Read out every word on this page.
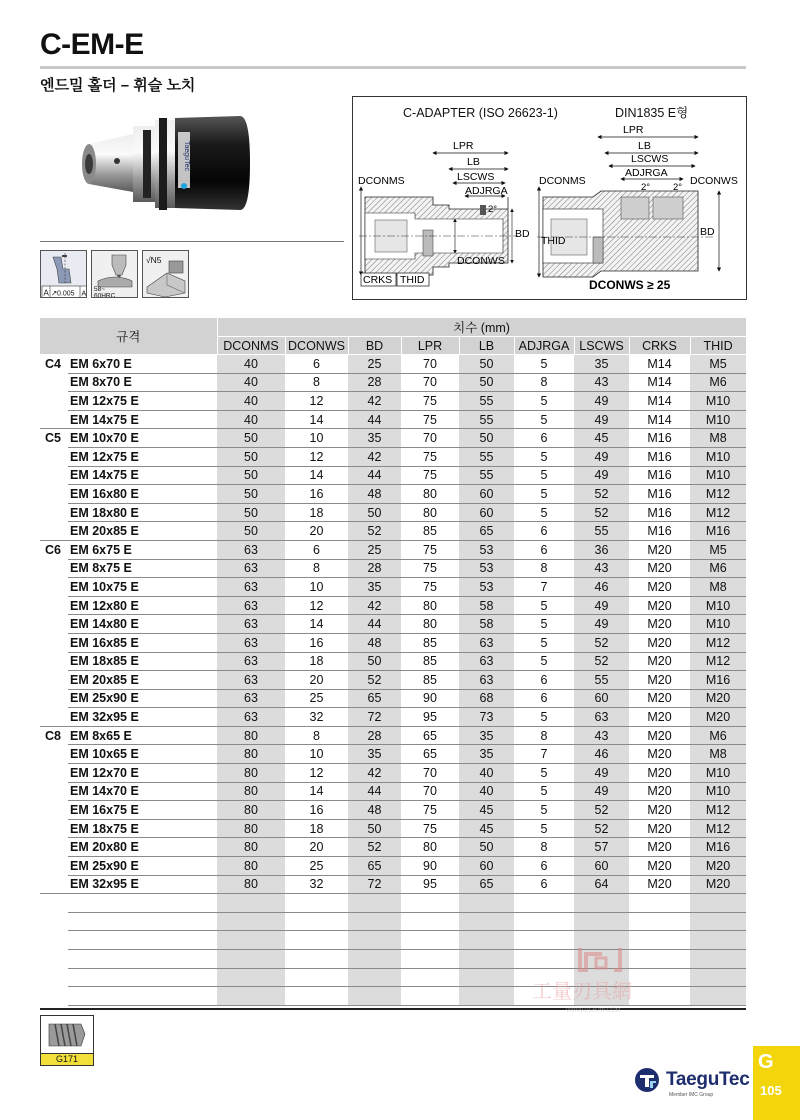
C-EM-E
엔드밀 홀더 – 휘슬 노치
TaeguTec
A ↗ 0.005 A
58~
60HRC
√N5
C-ADAPTER (ISO 26623-1)	DIN1835 E형
LPR
LB
LSCWS
ADJRGA
2°
DCONMS
DCONWS
BD
CRKS THID
LPR
LB
LSCWS
ADJRGA
2° 2°
DCONMS	DCONWS
THID
BD
DCONWS ≥ 25
규격		치수 (mm)								
		DCONMS	DCONWS	BD	LPR	LB	ADJRGA	LSCWS	CRKS	THID
C4	EM 6x70 E	40	6	25	70	50	5	35	M14	M5
	EM 8x70 E	40	8	28	70	50	8	43	M14	M6
	EM 12x75 E	40	12	42	75	55	5	49	M14	M10
	EM 14x75 E	40	14	44	75	55	5	49	M14	M10
C5	EM 10x70 E	50	10	35	70	50	6	45	M16	M8
	EM 12x75 E	50	12	42	75	55	5	49	M16	M10
	EM 14x75 E	50	14	44	75	55	5	49	M16	M10
	EM 16x80 E	50	16	48	80	60	5	52	M16	M12
	EM 18x80 E	50	18	50	80	60	5	52	M16	M12
	EM 20x85 E	50	20	52	85	65	6	55	M16	M16
C6	EM 6x75 E	63	6	25	75	53	6	36	M20	M5
	EM 8x75 E	63	8	28	75	53	8	43	M20	M6
	EM 10x75 E	63	10	35	75	53	7	46	M20	M8
	EM 12x80 E	63	12	42	80	58	5	49	M20	M10
	EM 14x80 E	63	14	44	80	58	5	49	M20	M10
	EM 16x85 E	63	16	48	85	63	5	52	M20	M12
	EM 18x85 E	63	18	50	85	63	5	52	M20	M12
	EM 20x85 E	63	20	52	85	63	6	55	M20	M16
	EM 25x90 E	63	25	65	90	68	6	60	M20	M20
	EM 32x95 E	63	32	72	95	73	5	63	M20	M20
C8	EM 8x65 E	80	8	28	65	35	8	43	M20	M6
	EM 10x65 E	80	10	35	65	35	7	46	M20	M8
	EM 12x70 E	80	12	42	70	40	5	49	M20	M10
	EM 14x70 E	80	14	44	70	40	5	49	M20	M10
	EM 16x75 E	80	16	48	75	45	5	52	M20	M12
	EM 18x75 E	80	18	50	75	45	5	52	M20	M12
	EM 20x80 E	80	20	52	80	50	8	57	M20	M16
	EM 25x90 E	80	25	65	90	60	6	60	M20	M20
	EM 32x95 E	80	32	72	95	65	6	64	M20	M20

工量刃具網
WWW.GLRJW.COM
G171
TaeguTec
Member IMC Group
G
105
